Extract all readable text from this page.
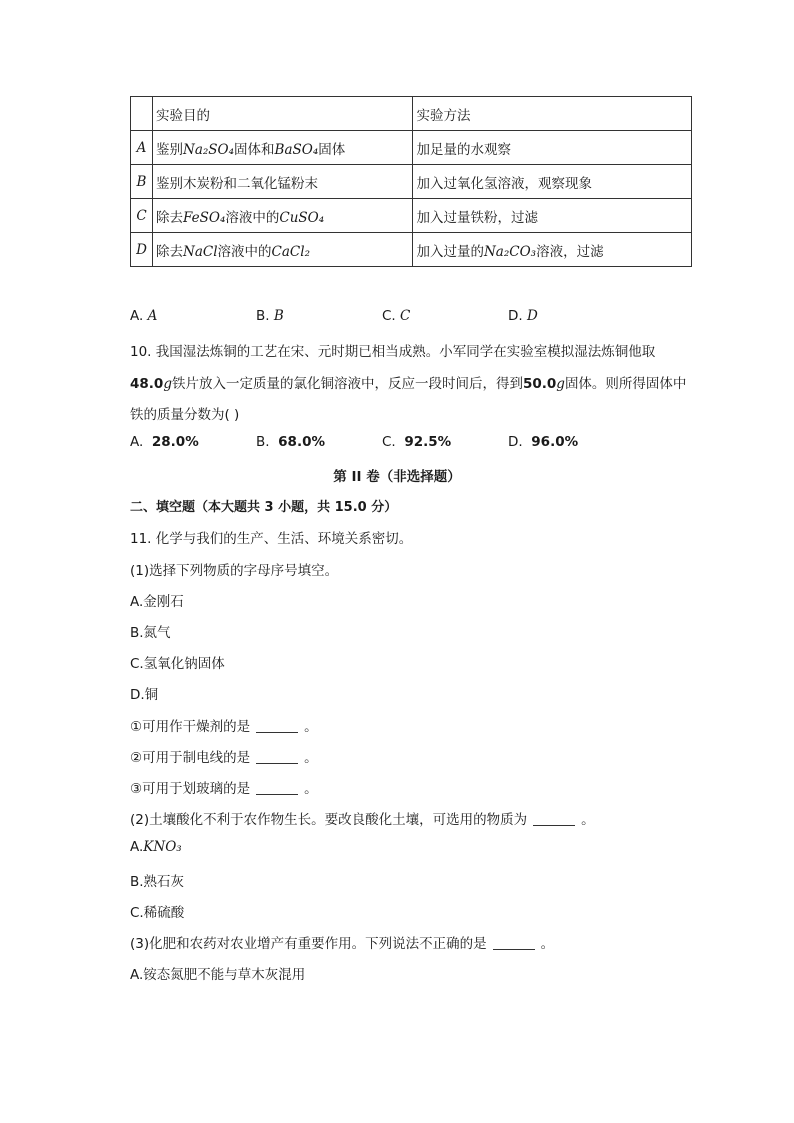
	实验目的	实验方法
A	鉴别Na₂SO₄固体和BaSO₄固体	加足量的水观察
B	鉴别木炭粉和二氧化锰粉末	加入过氧化氢溶液，观察现象
C	除去FeSO₄溶液中的CuSO₄	加入过量铁粉，过滤
D	除去NaCl溶液中的CaCl₂	加入过量的Na₂CO₃溶液，过滤
A. A	B. B	C. C	D. D
10. 我国湿法炼铜的工艺在宋、元时期已相当成熟。小军同学在实验室模拟湿法炼铜他取
48.0g铁片放入一定质量的氯化铜溶液中，反应一段时间后，得到50.0g固体。则所得固体中
铁的质量分数为( )
A. 28.0%	B. 68.0%	C. 92.5%	D. 96.0%
第 II 卷（非选择题）
二、填空题（本大题共 3 小题，共 15.0 分）
11. 化学与我们的生产、生活、环境关系密切。
(1)选择下列物质的字母序号填空。
A.金刚石
B.氮气
C.氢氧化钠固体
D.铜
①可用作干燥剂的是	。
②可用于制电线的是	。
③可用于划玻璃的是	。
(2)土壤酸化不利于农作物生长。要改良酸化土壤，可选用的物质为	。
A.KNO₃
B.熟石灰
C.稀硫酸
(3)化肥和农药对农业增产有重要作用。下列说法不正确的是	。
A.铵态氮肥不能与草木灰混用
